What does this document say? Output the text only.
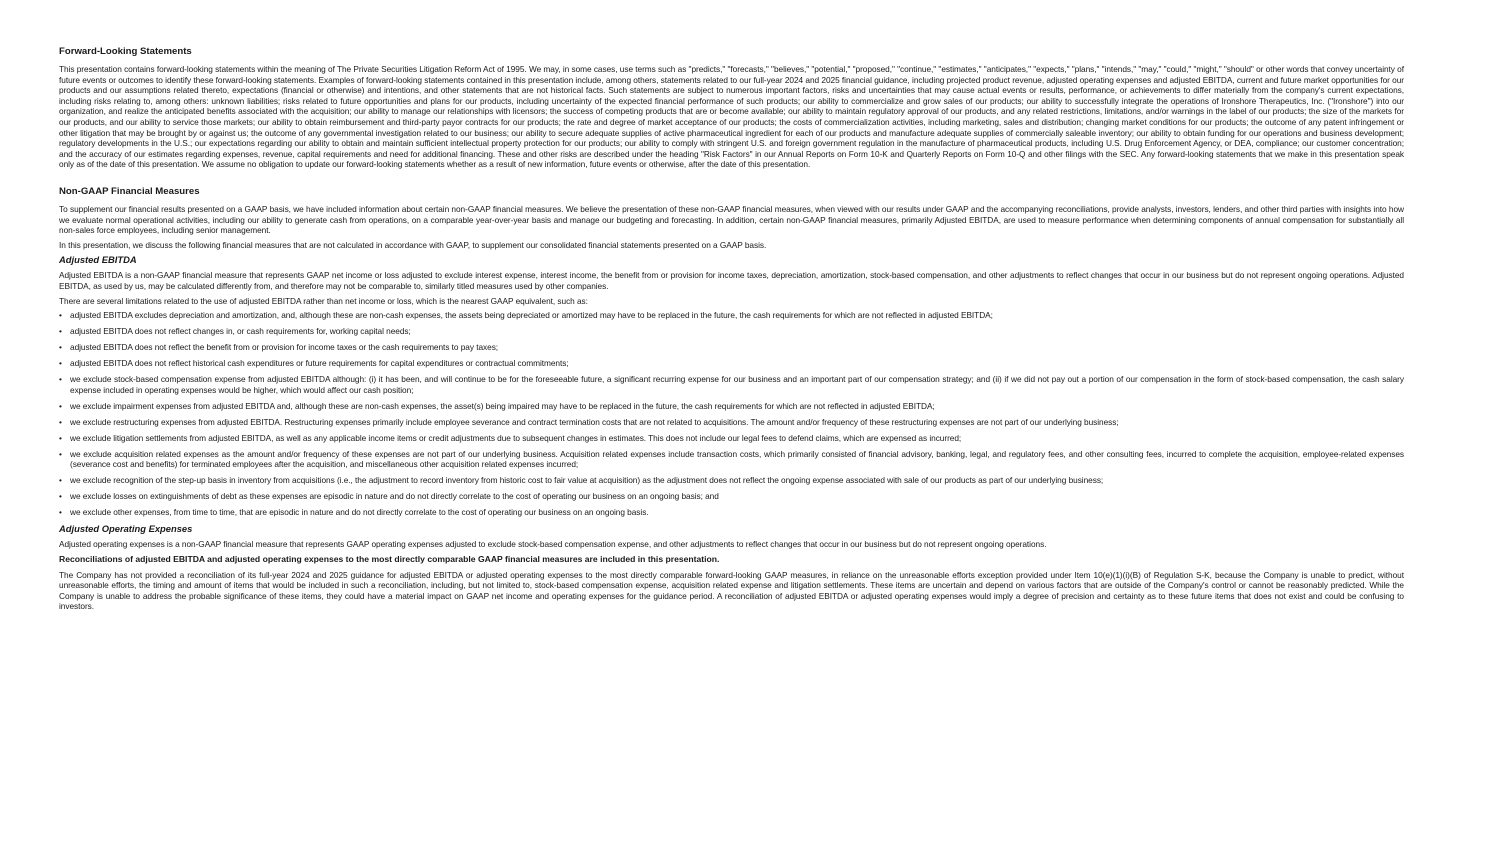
Forward-Looking Statements

This presentation contains forward-looking statements within the meaning of The Private Securities Litigation Reform Act of 1995. We may, in some cases, use terms such as "predicts," "forecasts," "believes," "potential," "proposed," "continue," "estimates," "anticipates," "expects," "plans," "intends," "may," "could," "might," "should" or other words that convey uncertainty of future events or outcomes to identify these forward-looking statements. Examples of forward-looking statements contained in this presentation include, among others, statements related to our full-year 2024 and 2025 financial guidance, including projected product revenue, adjusted operating expenses and adjusted EBITDA, current and future market opportunities for our products and our assumptions related thereto, expectations (financial or otherwise) and intentions, and other statements that are not historical facts. Such statements are subject to numerous important factors, risks and uncertainties that may cause actual events or results, performance, or achievements to differ materially from the company's current expectations, including risks relating to, among others: unknown liabilities; risks related to future opportunities and plans for our products, including uncertainty of the expected financial performance of such products; our ability to commercialize and grow sales of our products; our ability to successfully integrate the operations of Ironshore Therapeutics, Inc. ("Ironshore") into our organization, and realize the anticipated benefits associated with the acquisition; our ability to manage our relationships with licensors; the success of competing products that are or become available; our ability to maintain regulatory approval of our products, and any related restrictions, limitations, and/or warnings in the label of our products; the size of the markets for our products, and our ability to service those markets; our ability to obtain reimbursement and third-party payor contracts for our products; the rate and degree of market acceptance of our products; the costs of commercialization activities, including marketing, sales and distribution; changing market conditions for our products; the outcome of any patent infringement or other litigation that may be brought by or against us; the outcome of any governmental investigation related to our business; our ability to secure adequate supplies of active pharmaceutical ingredient for each of our products and manufacture adequate supplies of commercially saleable inventory; our ability to obtain funding for our operations and business development; regulatory developments in the U.S.; our expectations regarding our ability to obtain and maintain sufficient intellectual property protection for our products; our ability to comply with stringent U.S. and foreign government regulation in the manufacture of pharmaceutical products, including U.S. Drug Enforcement Agency, or DEA, compliance; our customer concentration; and the accuracy of our estimates regarding expenses, revenue, capital requirements and need for additional financing. These and other risks are described under the heading "Risk Factors" in our Annual Reports on Form 10-K and Quarterly Reports on Form 10-Q and other filings with the SEC. Any forward-looking statements that we make in this presentation speak only as of the date of this presentation. We assume no obligation to update our forward-looking statements whether as a result of new information, future events or otherwise, after the date of this presentation.

Non-GAAP Financial Measures

To supplement our financial results presented on a GAAP basis, we have included information about certain non-GAAP financial measures. We believe the presentation of these non-GAAP financial measures, when viewed with our results under GAAP and the accompanying reconciliations, provide analysts, investors, lenders, and other third parties with insights into how we evaluate normal operational activities, including our ability to generate cash from operations, on a comparable year-over-year basis and manage our budgeting and forecasting. In addition, certain non-GAAP financial measures, primarily Adjusted EBITDA, are used to measure performance when determining components of annual compensation for substantially all non-sales force employees, including senior management.

In this presentation, we discuss the following financial measures that are not calculated in accordance with GAAP, to supplement our consolidated financial statements presented on a GAAP basis.

Adjusted EBITDA

Adjusted EBITDA is a non-GAAP financial measure that represents GAAP net income or loss adjusted to exclude interest expense, interest income, the benefit from or provision for income taxes, depreciation, amortization, stock-based compensation, and other adjustments to reflect changes that occur in our business but do not represent ongoing operations. Adjusted EBITDA, as used by us, may be calculated differently from, and therefore may not be comparable to, similarly titled measures used by other companies.

There are several limitations related to the use of adjusted EBITDA rather than net income or loss, which is the nearest GAAP equivalent, such as:

• adjusted EBITDA excludes depreciation and amortization, and, although these are non-cash expenses, the assets being depreciated or amortized may have to be replaced in the future, the cash requirements for which are not reflected in adjusted EBITDA;
• adjusted EBITDA does not reflect changes in, or cash requirements for, working capital needs;
• adjusted EBITDA does not reflect the benefit from or provision for income taxes or the cash requirements to pay taxes;
• adjusted EBITDA does not reflect historical cash expenditures or future requirements for capital expenditures or contractual commitments;
• we exclude stock-based compensation expense from adjusted EBITDA although: (i) it has been, and will continue to be for the foreseeable future, a significant recurring expense for our business and an important part of our compensation strategy; and (ii) if we did not pay out a portion of our compensation in the form of stock-based compensation, the cash salary expense included in operating expenses would be higher, which would affect our cash position;
• we exclude impairment expenses from adjusted EBITDA and, although these are non-cash expenses, the asset(s) being impaired may have to be replaced in the future, the cash requirements for which are not reflected in adjusted EBITDA;
• we exclude restructuring expenses from adjusted EBITDA. Restructuring expenses primarily include employee severance and contract termination costs that are not related to acquisitions. The amount and/or frequency of these restructuring expenses are not part of our underlying business;
• we exclude litigation settlements from adjusted EBITDA, as well as any applicable income items or credit adjustments due to subsequent changes in estimates. This does not include our legal fees to defend claims, which are expensed as incurred;
• we exclude acquisition related expenses as the amount and/or frequency of these expenses are not part of our underlying business. Acquisition related expenses include transaction costs, which primarily consisted of financial advisory, banking, legal, and regulatory fees, and other consulting fees, incurred to complete the acquisition, employee-related expenses (severance cost and benefits) for terminated employees after the acquisition, and miscellaneous other acquisition related expenses incurred;
• we exclude recognition of the step-up basis in inventory from acquisitions (i.e., the adjustment to record inventory from historic cost to fair value at acquisition) as the adjustment does not reflect the ongoing expense associated with sale of our products as part of our underlying business;
• we exclude losses on extinguishments of debt as these expenses are episodic in nature and do not directly correlate to the cost of operating our business on an ongoing basis; and
• we exclude other expenses, from time to time, that are episodic in nature and do not directly correlate to the cost of operating our business on an ongoing basis.
Adjusted Operating Expenses

Adjusted operating expenses is a non-GAAP financial measure that represents GAAP operating expenses adjusted to exclude stock-based compensation expense, and other adjustments to reflect changes that occur in our business but do not represent ongoing operations.

Reconciliations of adjusted EBITDA and adjusted operating expenses to the most directly comparable GAAP financial measures are included in this presentation.

The Company has not provided a reconciliation of its full-year 2024 and 2025 guidance for adjusted EBITDA or adjusted operating expenses to the most directly comparable forward-looking GAAP measures, in reliance on the unreasonable efforts exception provided under Item 10(e)(1)(i)(B) of Regulation S-K, because the Company is unable to predict, without unreasonable efforts, the timing and amount of items that would be included in such a reconciliation, including, but not limited to, stock-based compensation expense, acquisition related expense and litigation settlements. These items are uncertain and depend on various factors that are outside of the Company's control or cannot be reasonably predicted. While the Company is unable to address the probable significance of these items, they could have a material impact on GAAP net income and operating expenses for the guidance period. A reconciliation of adjusted EBITDA or adjusted operating expenses would imply a degree of precision and certainty as to these future items that does not exist and could be confusing to investors.
